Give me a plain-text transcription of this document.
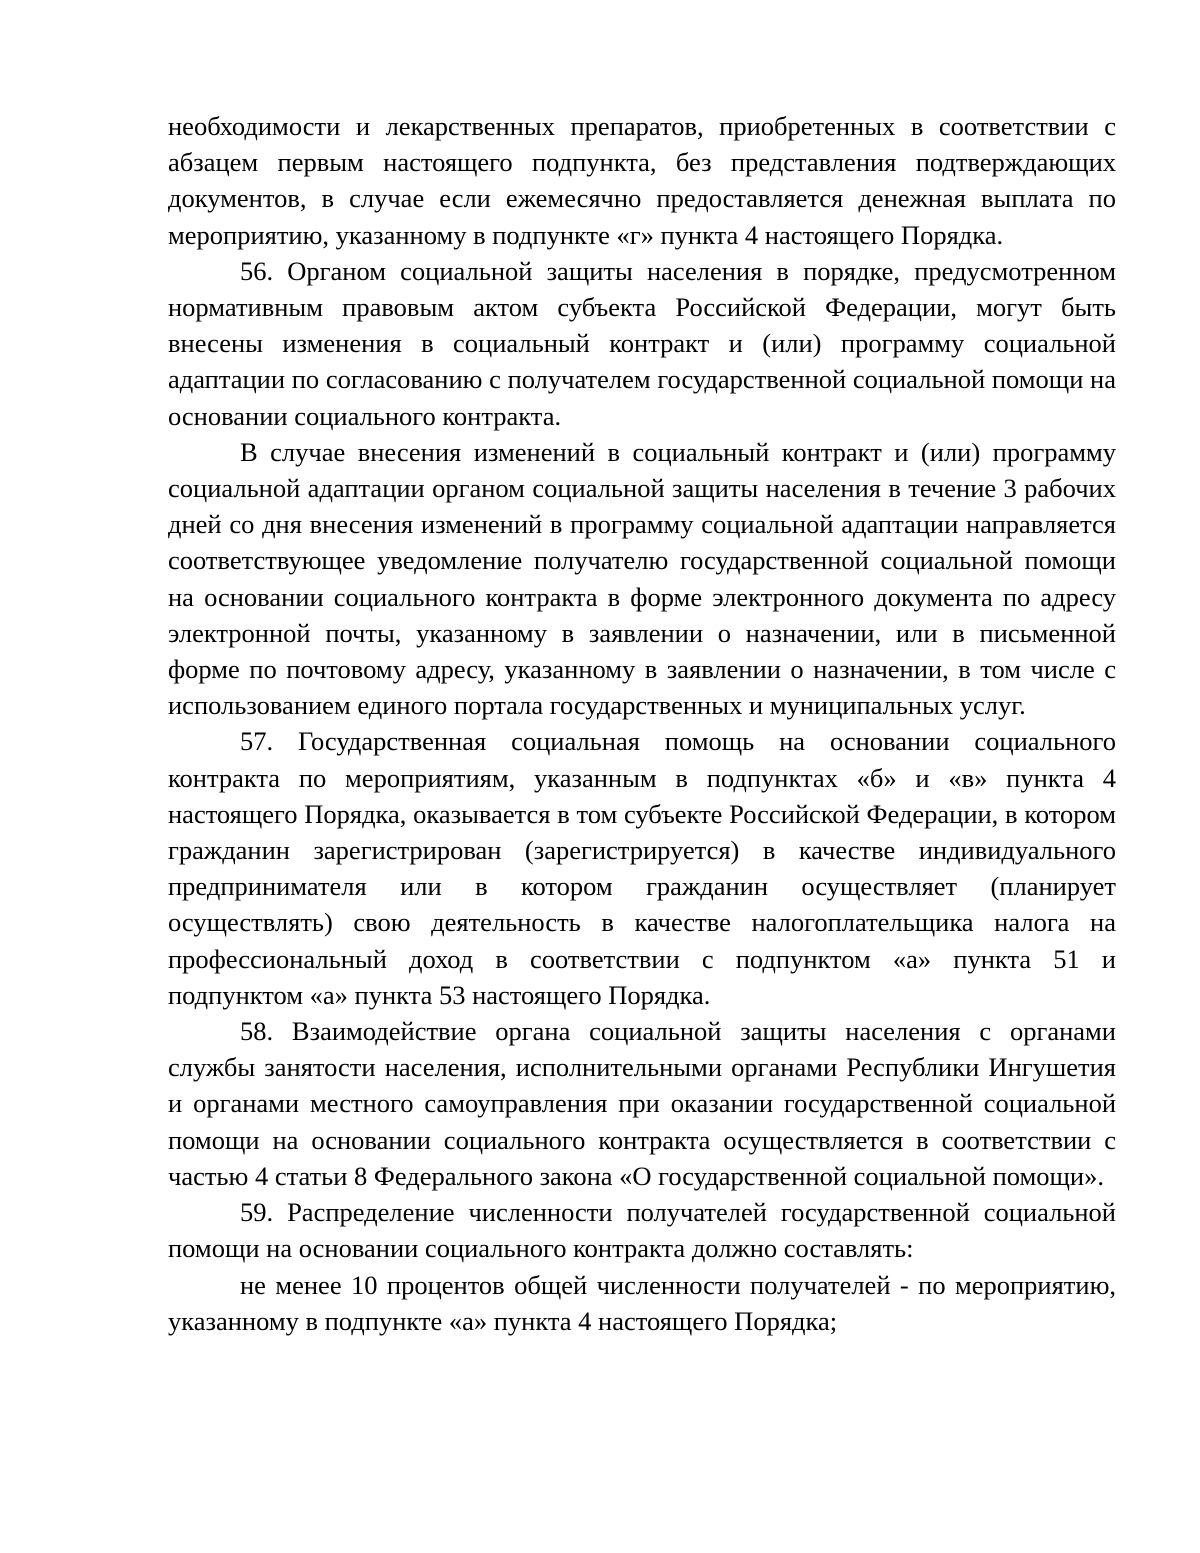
необходимости и лекарственных препаратов, приобретенных в соответствии с абзацем первым настоящего подпункта, без представления подтверждающих документов, в случае если ежемесячно предоставляется денежная выплата по мероприятию, указанному в подпункте «г» пункта 4 настоящего Порядка.

56. Органом социальной защиты населения в порядке, предусмотренном нормативным правовым актом субъекта Российской Федерации, могут быть внесены изменения в социальный контракт и (или) программу социальной адаптации по согласованию с получателем государственной социальной помощи на основании социального контракта.

В случае внесения изменений в социальный контракт и (или) программу социальной адаптации органом социальной защиты населения в течение 3 рабочих дней со дня внесения изменений в программу социальной адаптации направляется соответствующее уведомление получателю государственной социальной помощи на основании социального контракта в форме электронного документа по адресу электронной почты, указанному в заявлении о назначении, или в письменной форме по почтовому адресу, указанному в заявлении о назначении, в том числе с использованием единого портала государственных и муниципальных услуг.

57. Государственная социальная помощь на основании социального контракта по мероприятиям, указанным в подпунктах «б» и «в» пункта 4 настоящего Порядка, оказывается в том субъекте Российской Федерации, в котором гражданин зарегистрирован (зарегистрируется) в качестве индивидуального предпринимателя или в котором гражданин осуществляет (планирует осуществлять) свою деятельность в качестве налогоплательщика налога на профессиональный доход в соответствии с подпунктом «а» пункта 51 и подпунктом «а» пункта 53 настоящего Порядка.

58. Взаимодействие органа социальной защиты населения с органами службы занятости населения, исполнительными органами Республики Ингушетия и органами местного самоуправления при оказании государственной социальной помощи на основании социального контракта осуществляется в соответствии с частью 4 статьи 8 Федерального закона «О государственной социальной помощи».

59. Распределение численности получателей государственной социальной помощи на основании социального контракта должно составлять:

не менее 10 процентов общей численности получателей - по мероприятию, указанному в подпункте «а» пункта 4 настоящего Порядка;
